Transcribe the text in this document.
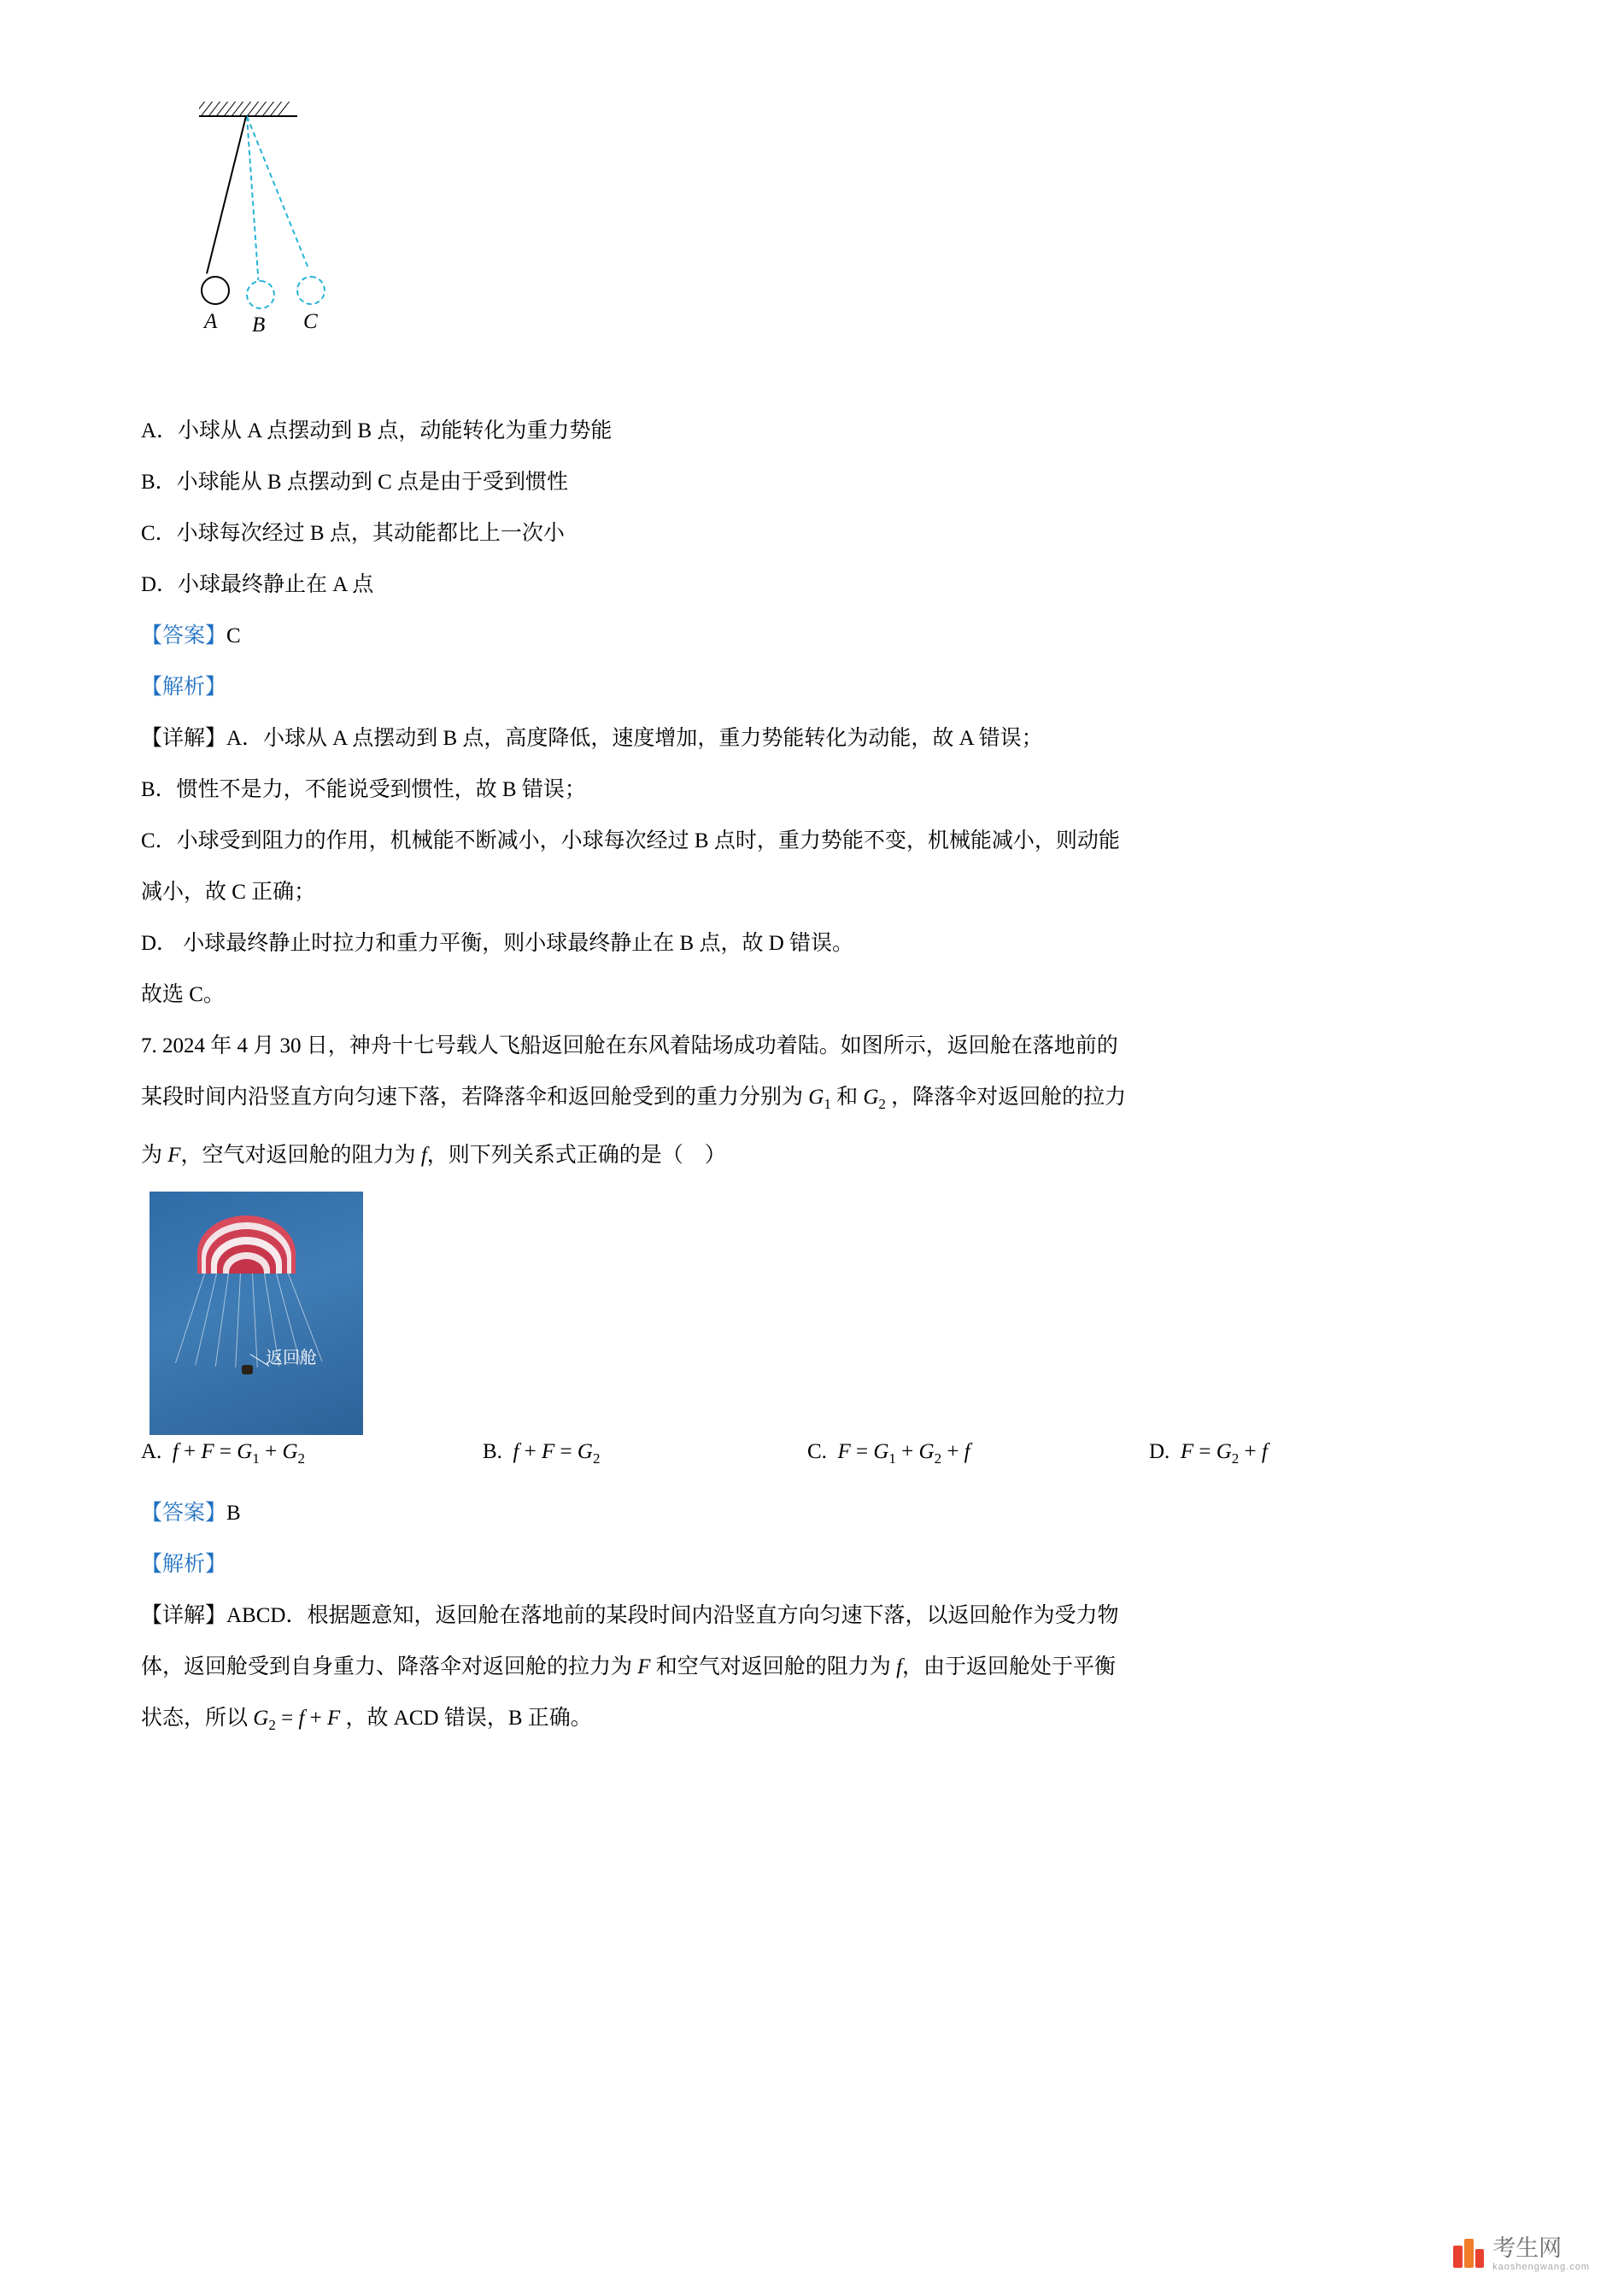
A B C

A．小球从 A 点摆动到 B 点，动能转化为重力势能

B．小球能从 B 点摆动到 C 点是由于受到惯性

C．小球每次经过 B 点，其动能都比上一次小

D．小球最终静止在 A 点

【答案】C

【解析】

【详解】A．小球从 A 点摆动到 B 点，高度降低，速度增加，重力势能转化为动能，故 A 错误；

B．惯性不是力，不能说受到惯性，故 B 错误；

C．小球受到阻力的作用，机械能不断减小，小球每次经过 B 点时，重力势能不变，机械能减小，则动能

减小，故 C 正确；

D． 小球最终静止时拉力和重力平衡，则小球最终静止在 B 点，故 D 错误。

故选 C。

7. 2024 年 4 月 30 日，神舟十七号载人飞船返回舱在东风着陆场成功着陆。如图所示，返回舱在落地前的

某段时间内沿竖直方向匀速下落，若降落伞和返回舱受到的重力分别为 $G_1$ 和 $G_2$ ，降落伞对返回舱的拉力

为 F，空气对返回舱的阻力为 f，则下列关系式正确的是（    ）

返回舱
A. $f + F = G_1 + G_2$	B. $f + F = G_2$	C. $F = G_1 + G_2 + f$	D. $F = G_2 + f$

【答案】B

【解析】

【详解】ABCD．根据题意知，返回舱在落地前的某段时间内沿竖直方向匀速下落，以返回舱作为受力物

体，返回舱受到自身重力、降落伞对返回舱的拉力为 F 和空气对返回舱的阻力为 f，由于返回舱处于平衡

状态，所以 $G_2 = f + F$ ，故 ACD 错误，B 正确。

考生网
kaoshengwang.com
